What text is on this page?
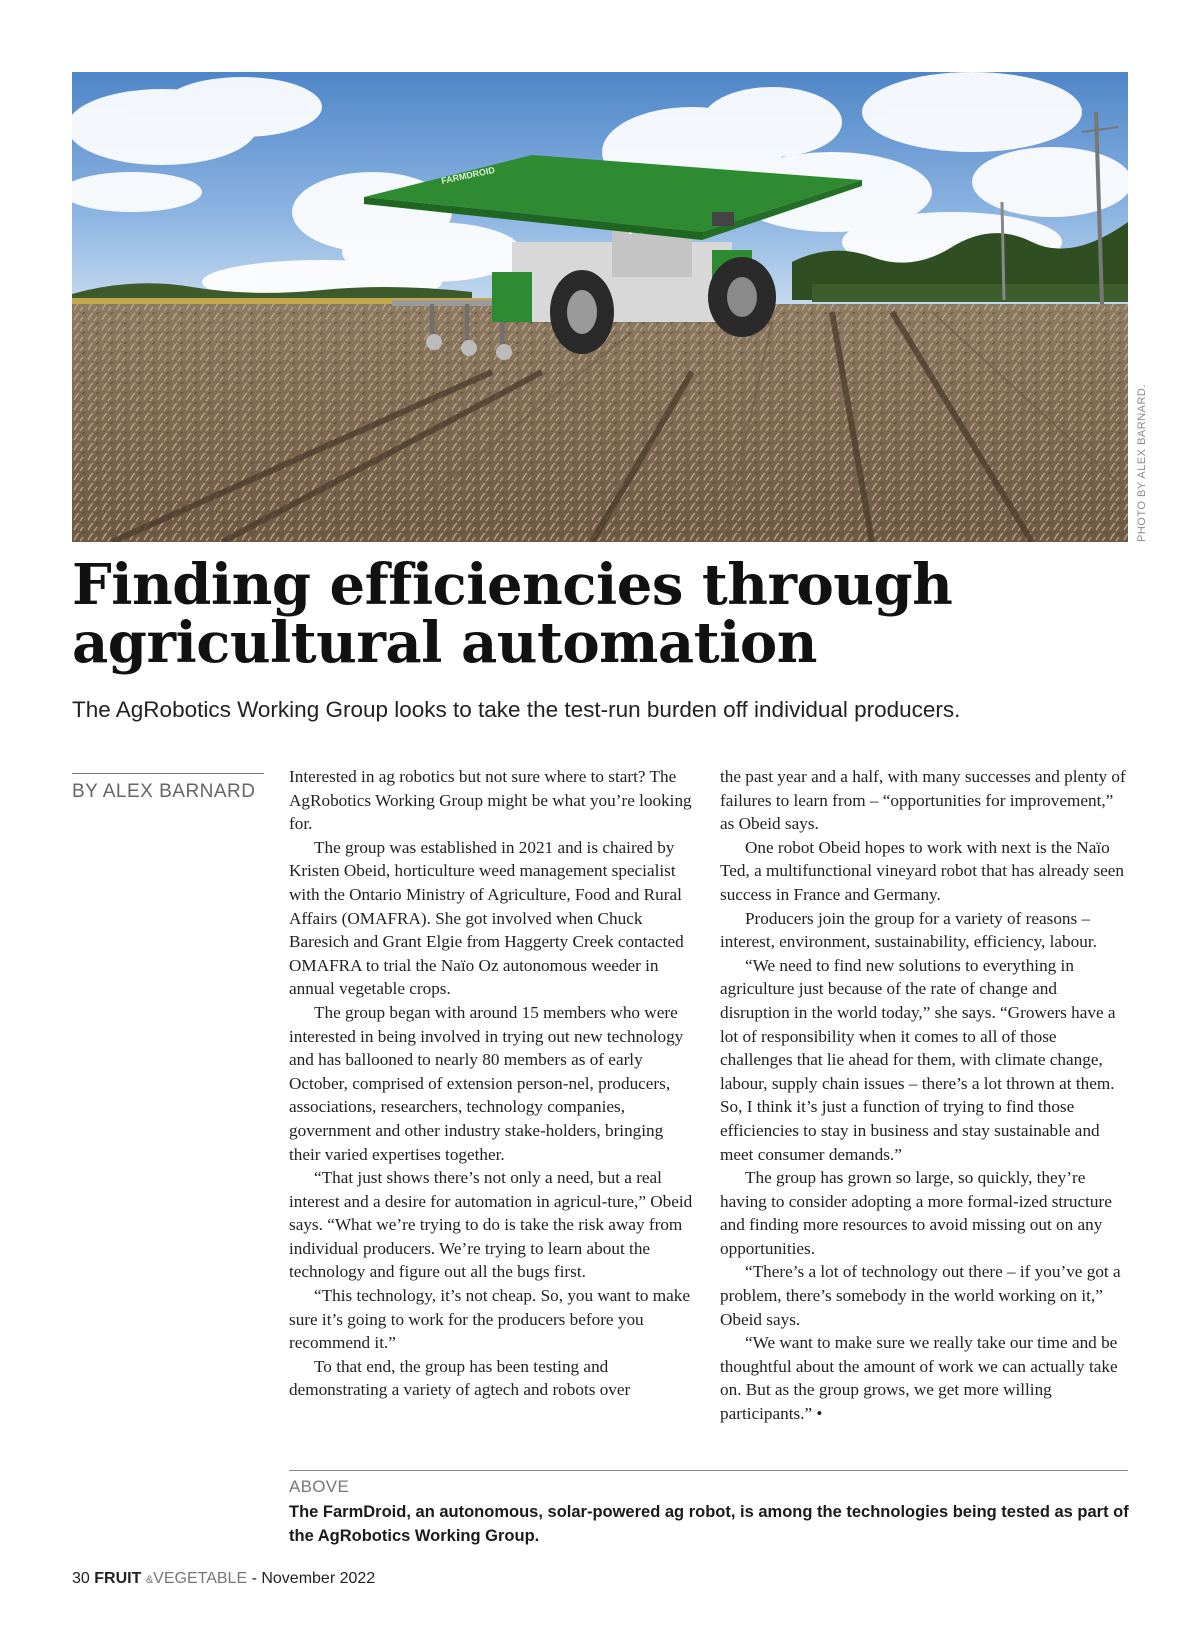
FARMDROID
PHOTO BY ALEX BARNARD.
Finding efficiencies through
agricultural automation
The AgRobotics Working Group looks to take the test-run burden off individual producers.
BY ALEX BARNARD

Interested in ag robotics but not sure where to start? The AgRobotics Working Group might be what you’re looking for.

The group was established in 2021 and is chaired by Kristen Obeid, horticulture weed management specialist with the Ontario Ministry of Agriculture, Food and Rural Affairs (OMAFRA). She got involved when Chuck Baresich and Grant Elgie from Haggerty Creek contacted OMAFRA to trial the Naïo Oz autonomous weeder in annual vegetable crops.

The group began with around 15 members who were interested in being involved in trying out new technology and has ballooned to nearly 80 members as of early October, comprised of extension person-nel, producers, associations, researchers, technology companies, government and other industry stake-holders, bringing their varied expertises together.

“That just shows there’s not only a need, but a real interest and a desire for automation in agricul-ture,” Obeid says. “What we’re trying to do is take the risk away from individual producers. We’re trying to learn about the technology and figure out all the bugs first.

“This technology, it’s not cheap. So, you want to make sure it’s going to work for the producers before you recommend it.”

To that end, the group has been testing and demonstrating a variety of agtech and robots over

the past year and a half, with many successes and plenty of failures to learn from – “opportunities for improvement,” as Obeid says.

One robot Obeid hopes to work with next is the Naïo Ted, a multifunctional vineyard robot that has already seen success in France and Germany.

Producers join the group for a variety of reasons – interest, environment, sustainability, efficiency, labour.

“We need to find new solutions to everything in agriculture just because of the rate of change and disruption in the world today,” she says. “Growers have a lot of responsibility when it comes to all of those challenges that lie ahead for them, with climate change, labour, supply chain issues – there’s a lot thrown at them. So, I think it’s just a function of trying to find those efficiencies to stay in business and stay sustainable and meet consumer demands.”

The group has grown so large, so quickly, they’re having to consider adopting a more formal-ized structure and finding more resources to avoid missing out on any opportunities.

“There’s a lot of technology out there – if you’ve got a problem, there’s somebody in the world working on it,” Obeid says.

“We want to make sure we really take our time and be thoughtful about the amount of work we can actually take on. But as the group grows, we get more willing participants.” •

ABOVE
The FarmDroid, an autonomous, solar-powered ag robot, is among the technologies being tested as part of the AgRobotics Working Group.
30 FRUIT &VEGETABLE - November 2022
